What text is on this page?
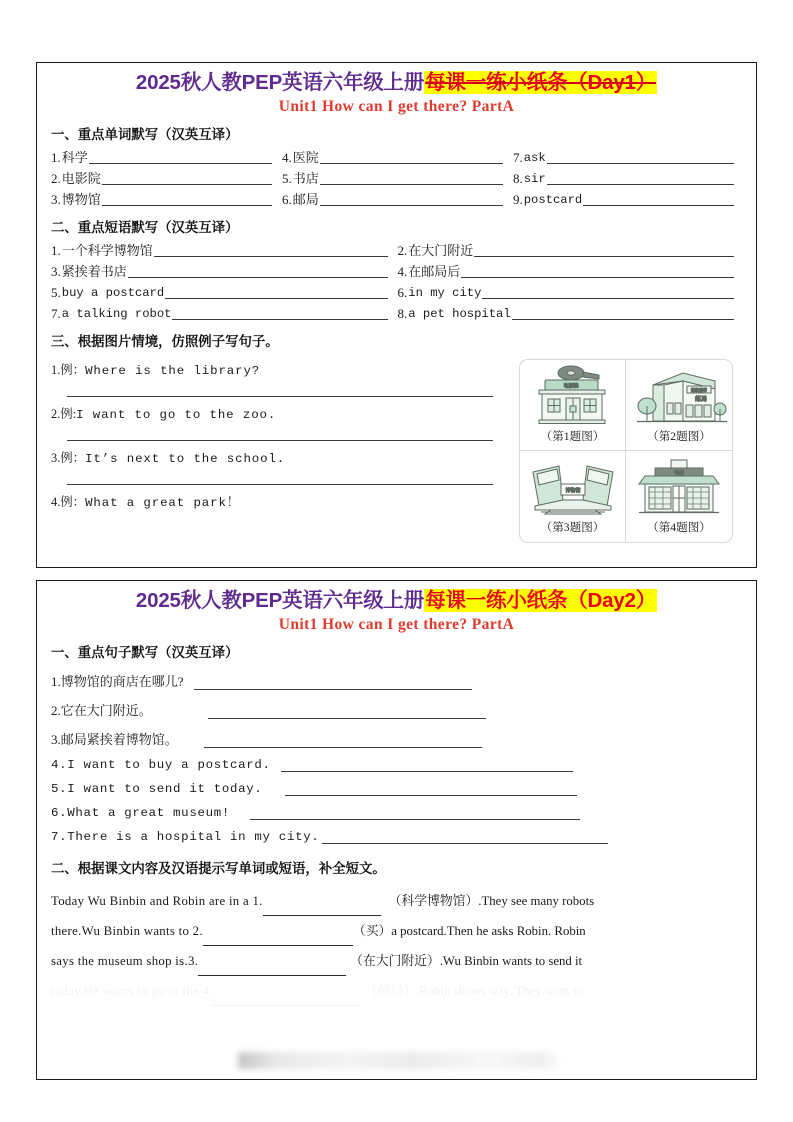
2025秋人教PEP英语六年级上册每课一练小纸条（Day1）
Unit1 How can I get there? PartA
一、重点单词默写（汉英互译）
1. 科学	4. 医院	7. ask
2. 电影院	5. 书店	8. sir
3. 博物馆	6. 邮局	9. postcard
二、重点短语默写（汉英互译）
1. 一个科学博物馆	2. 在大门附近
3. 紧挨着书店	4. 在邮局后
5. buy a postcard	6. in my city
7. a talking robot	8. a pet hospital
三、根据图片情境，仿照例子写句子。
1.例：Where is the library?
2.例:I want to go to the zoo.
3.例：It’s next to the school.
4.例：What a great park！
电影院
（第1题图）
邮政储蓄
邮局
（第2题图）
博物馆
（第3题图）
书店
（第4题图）
2025秋人教PEP英语六年级上册每课一练小纸条（Day2）
Unit1 How can I get there? PartA
一、重点句子默写（汉英互译）
1. 博物馆的商店在哪儿?
2. 它在大门附近。
3. 邮局紧挨着博物馆。
4. I want to buy a postcard.
5. I want to send it today.
6. What a great museum!
7. There is a hospital in my city.
二、根据课文内容及汉语提示写单词或短语，补全短文。
Today Wu Binbin and Robin are in a 1.	（科学博物馆）.They see many robots
there.Wu Binbin wants to 2.	（买）a postcard.Then he asks Robin. Robin
says the museum shop is.3.	（在大门附近）.Wu Binbin wants to send it
today.He wants to go to the 4.	（邮局）.Robin shows way. They want to
